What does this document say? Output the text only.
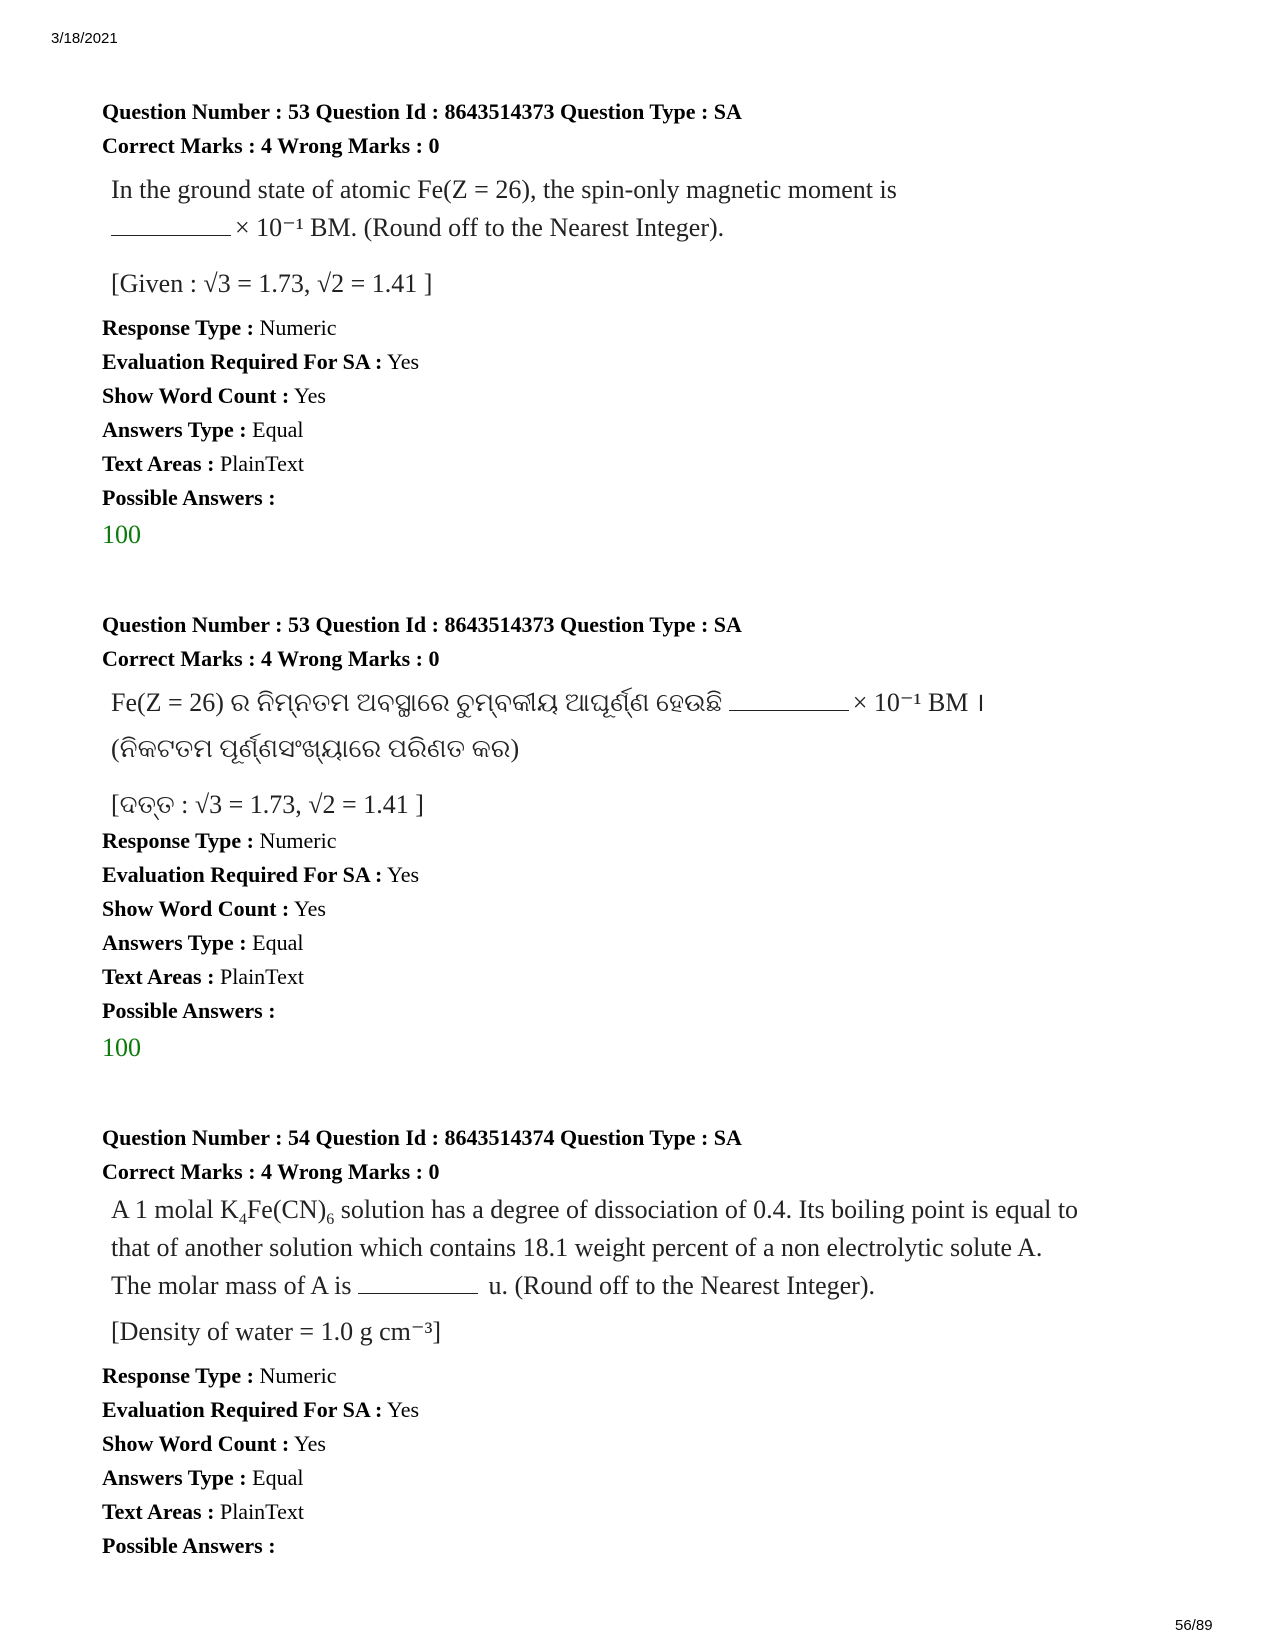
3/18/2021

Question Number : 53 Question Id : 8643514373 Question Type : SA

Correct Marks : 4 Wrong Marks : 0

In the ground state of atomic Fe(Z = 26), the spin-only magnetic moment is
× 10⁻¹ BM. (Round off to the Nearest Integer).
[Given : √3 = 1.73, √2 = 1.41 ]

Response Type : Numeric

Evaluation Required For SA : Yes

Show Word Count : Yes

Answers Type : Equal

Text Areas : PlainText

Possible Answers :

100

Question Number : 53 Question Id : 8643514373 Question Type : SA

Correct Marks : 4 Wrong Marks : 0

Fe(Z = 26) ର ନିମ୍ନତମ ଅବସ୍ଥାରେ ଚୁମ୍ବକୀୟ ଆଘୂର୍ଣ୍ଣ ହେଉଛି	× 10⁻¹ BM ।
(ନିକଟତମ ପୂର୍ଣ୍ଣସଂଖ୍ୟାରେ ପରିଣତ କର)
[ଦତ୍ତ : √3 = 1.73, √2 = 1.41 ]

Response Type : Numeric

Evaluation Required For SA : Yes

Show Word Count : Yes

Answers Type : Equal

Text Areas : PlainText

Possible Answers :

100

Question Number : 54 Question Id : 8643514374 Question Type : SA

Correct Marks : 4 Wrong Marks : 0

A 1 molal $K_4Fe(CN)_6$ solution has a degree of dissociation of 0.4. Its boiling point is equal to
that of another solution which contains 18.1 weight percent of a non electrolytic solute A.
The molar mass of A is	u. (Round off to the Nearest Integer).
[Density of water = 1.0 g cm⁻³]

Response Type : Numeric

Evaluation Required For SA : Yes

Show Word Count : Yes

Answers Type : Equal

Text Areas : PlainText

Possible Answers :

56/89
